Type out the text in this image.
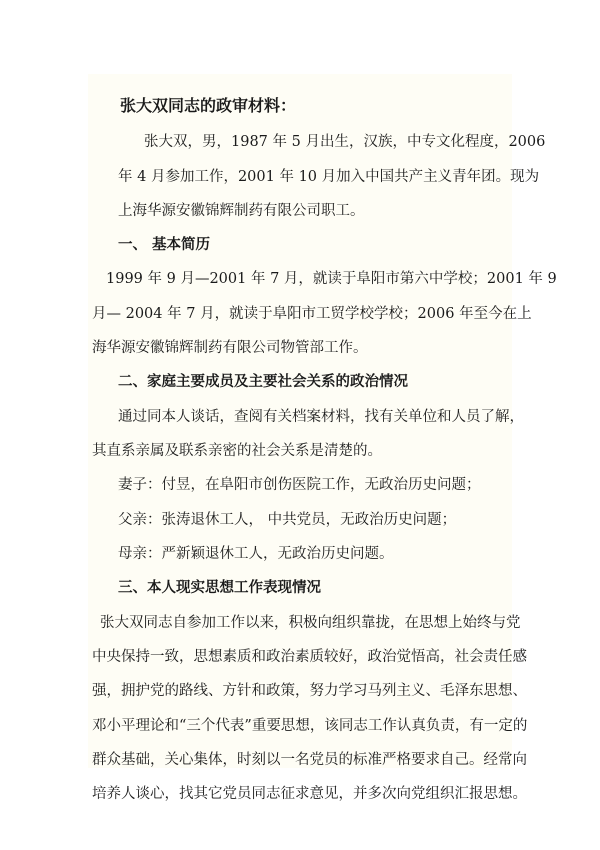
张大双同志的政审材料：
张大双，男，1987 年 5 月出生，汉族，中专文化程度，2006
年 4 月参加工作，2001 年 10 月加入中国共产主义青年团。现为
上海华源安徽锦辉制药有限公司职工。
一、 基本简历
1999 年 9 月—2001 年 7 月，就读于阜阳市第六中学校；2001 年 9
月— 2004 年 7 月，就读于阜阳市工贸学校学校；2006 年至今在上
海华源安徽锦辉制药有限公司物管部工作。
二、家庭主要成员及主要社会关系的政治情况
通过同本人谈话，查阅有关档案材料，找有关单位和人员了解，
其直系亲属及联系亲密的社会关系是清楚的。
妻子：付昱，在阜阳市创伤医院工作，无政治历史问题；
父亲：张涛退休工人， 中共党员，无政治历史问题；
母亲：严新颖退休工人，无政治历史问题。
三、本人现实思想工作表现情况
张大双同志自参加工作以来，积极向组织靠拢，在思想上始终与党
中央保持一致，思想素质和政治素质较好，政治觉悟高，社会责任感
强，拥护党的路线、方针和政策，努力学习马列主义、毛泽东思想、
邓小平理论和“三个代表”重要思想，该同志工作认真负责，有一定的
群众基础，关心集体，时刻以一名党员的标准严格要求自己。经常向
培养人谈心，找其它党员同志征求意见，并多次向党组织汇报思想。
